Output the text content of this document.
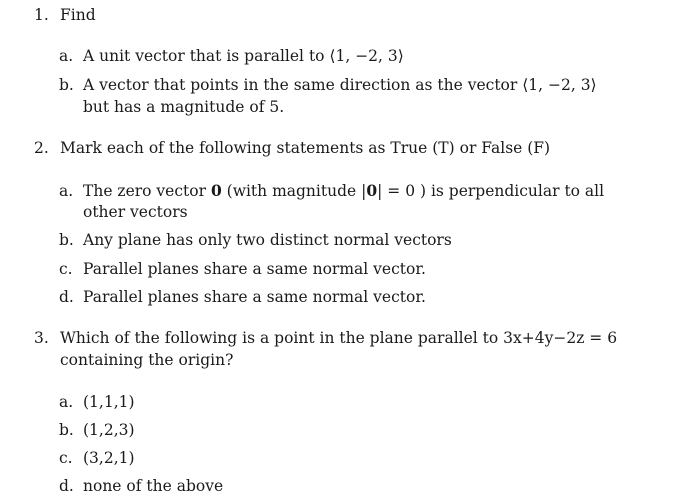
1. Find
a. A unit vector that is parallel to ⟨1, −2, 3⟩
b. A vector that points in the same direction as the vector ⟨1, −2, 3⟩
but has a magnitude of 5.
2. Mark each of the following statements as True (T) or False (F)
a. The zero vector 0 (with magnitude |0| = 0 ) is perpendicular to all
other vectors
b. Any plane has only two distinct normal vectors
c. Parallel planes share a same normal vector.
d. Parallel planes share a same normal vector.
3. Which of the following is a point in the plane parallel to 3x+4y−2z = 6
containing the origin?
a. (1,1,1)
b. (1,2,3)
c. (3,2,1)
d. none of the above
